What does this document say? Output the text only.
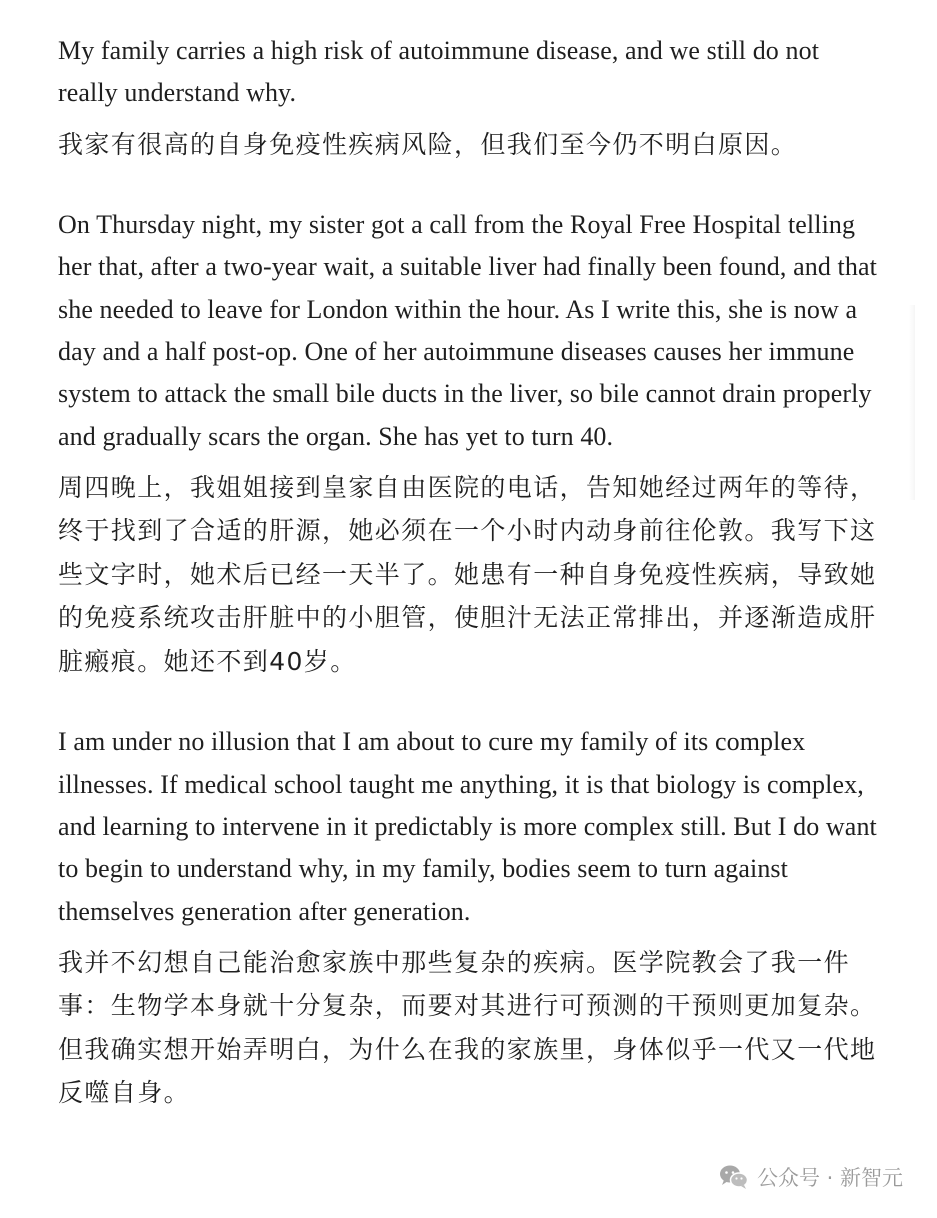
My family carries a high risk of autoimmune disease, and we still do not really understand why.

我家有很高的自身免疫性疾病风险，但我们至今仍不明白原因。

On Thursday night, my sister got a call from the Royal Free Hospital telling her that, after a two-year wait, a suitable liver had finally been found, and that she needed to leave for London within the hour. As I write this, she is now a day and a half post-op. One of her autoimmune diseases causes her immune system to attack the small bile ducts in the liver, so bile cannot drain properly and gradually scars the organ. She has yet to turn 40.

周四晚上，我姐姐接到皇家自由医院的电话，告知她经过两年的等待，终于找到了合适的肝源，她必须在一个小时内动身前往伦敦。我写下这些文字时，她术后已经一天半了。她患有一种自身免疫性疾病，导致她的免疫系统攻击肝脏中的小胆管，使胆汁无法正常排出，并逐渐造成肝脏瘢痕。她还不到40岁。

I am under no illusion that I am about to cure my family of its complex illnesses. If medical school taught me anything, it is that biology is complex, and learning to intervene in it predictably is more complex still. But I do want to begin to understand why, in my family, bodies seem to turn against themselves generation after generation.

我并不幻想自己能治愈家族中那些复杂的疾病。医学院教会了我一件事：生物学本身就十分复杂，而要对其进行可预测的干预则更加复杂。但我确实想开始弄明白，为什么在我的家族里，身体似乎一代又一代地反噬自身。

公众号 · 新智元
